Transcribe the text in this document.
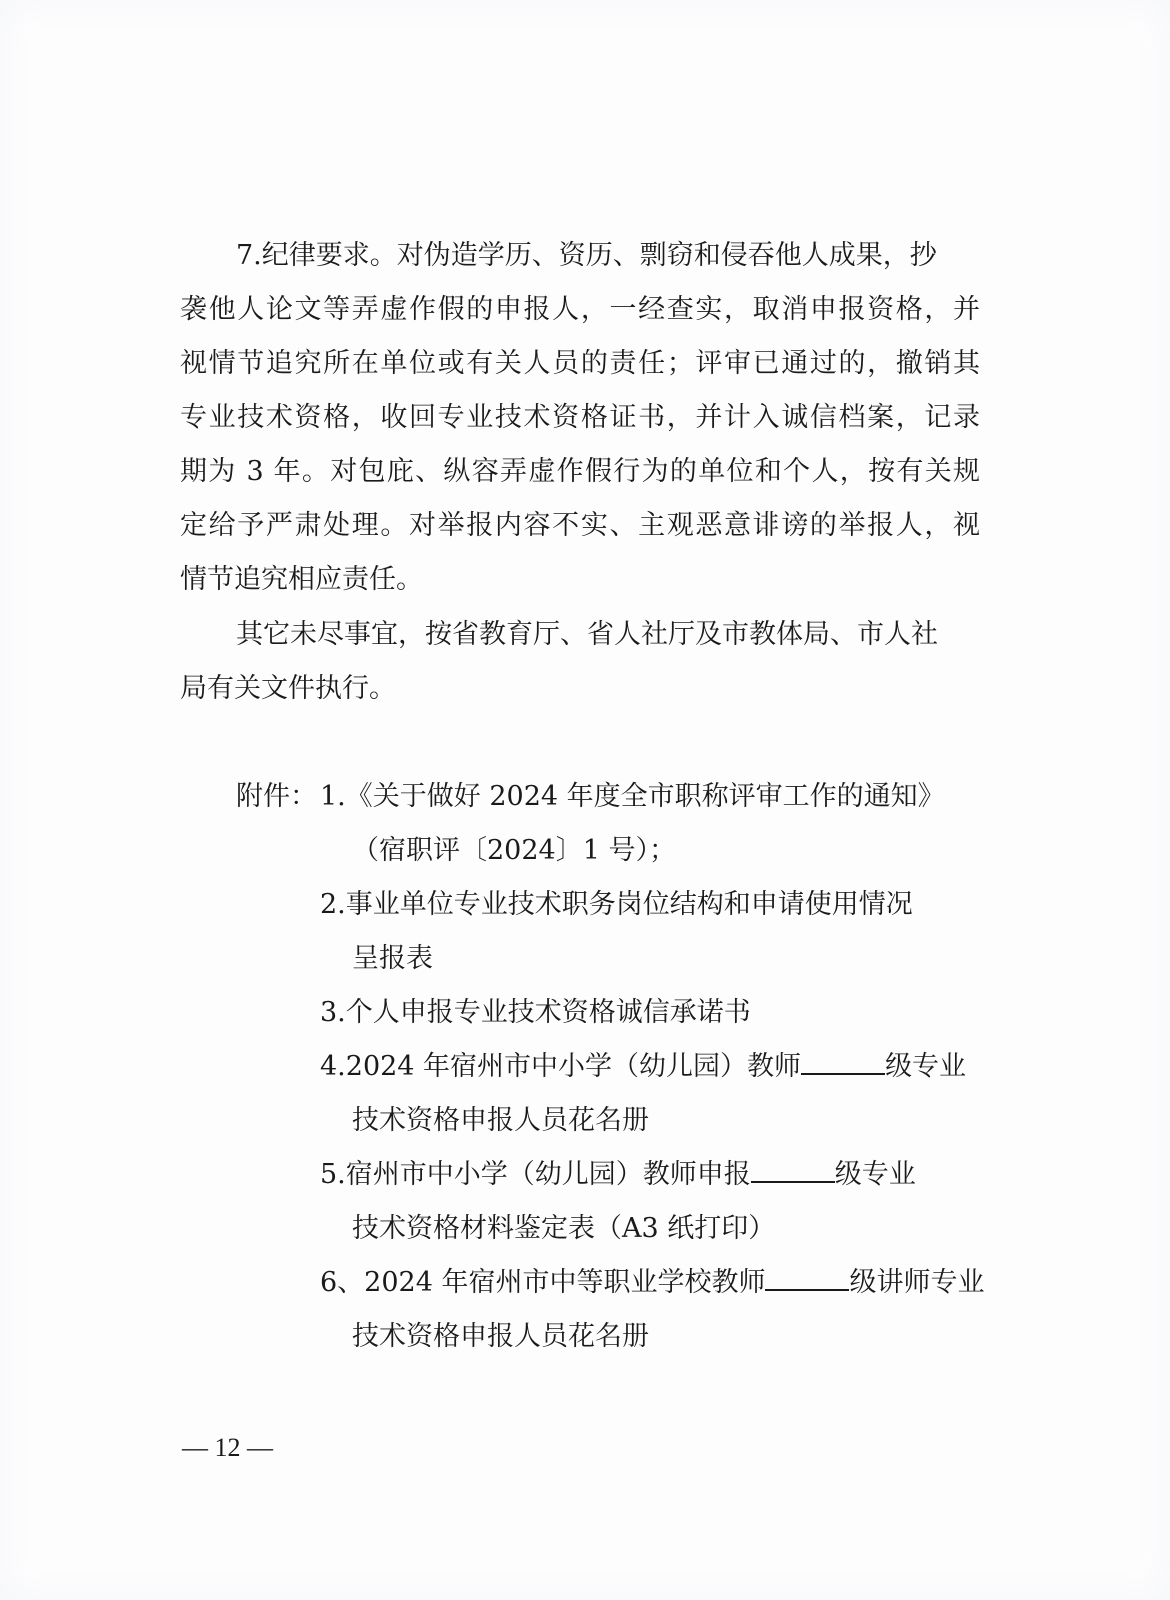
7.纪律要求。对伪造学历、资历、剽窃和侵吞他人成果，抄
袭他人论文等弄虚作假的申报人，一经查实，取消申报资格，并
视情节追究所在单位或有关人员的责任；评审已通过的，撤销其
专业技术资格，收回专业技术资格证书，并计入诚信档案，记录
期为 3 年。对包庇、纵容弄虚作假行为的单位和个人，按有关规
定给予严肃处理。对举报内容不实、主观恶意诽谤的举报人，视
情节追究相应责任。
其它未尽事宜，按省教育厅、省人社厅及市教体局、市人社
局有关文件执行。
附件： 1.《关于做好 2024 年度全市职称评审工作的通知》
（宿职评〔2024〕1 号）；
2.事业单位专业技术职务岗位结构和申请使用情况
呈报表
3.个人申报专业技术资格诚信承诺书
4.2024 年宿州市中小学（幼儿园）教师	级专业
技术资格申报人员花名册
5.宿州市中小学（幼儿园）教师申报	级专业
技术资格材料鉴定表（A3 纸打印）
6、2024 年宿州市中等职业学校教师	级讲师专业
技术资格申报人员花名册
— 12 —
